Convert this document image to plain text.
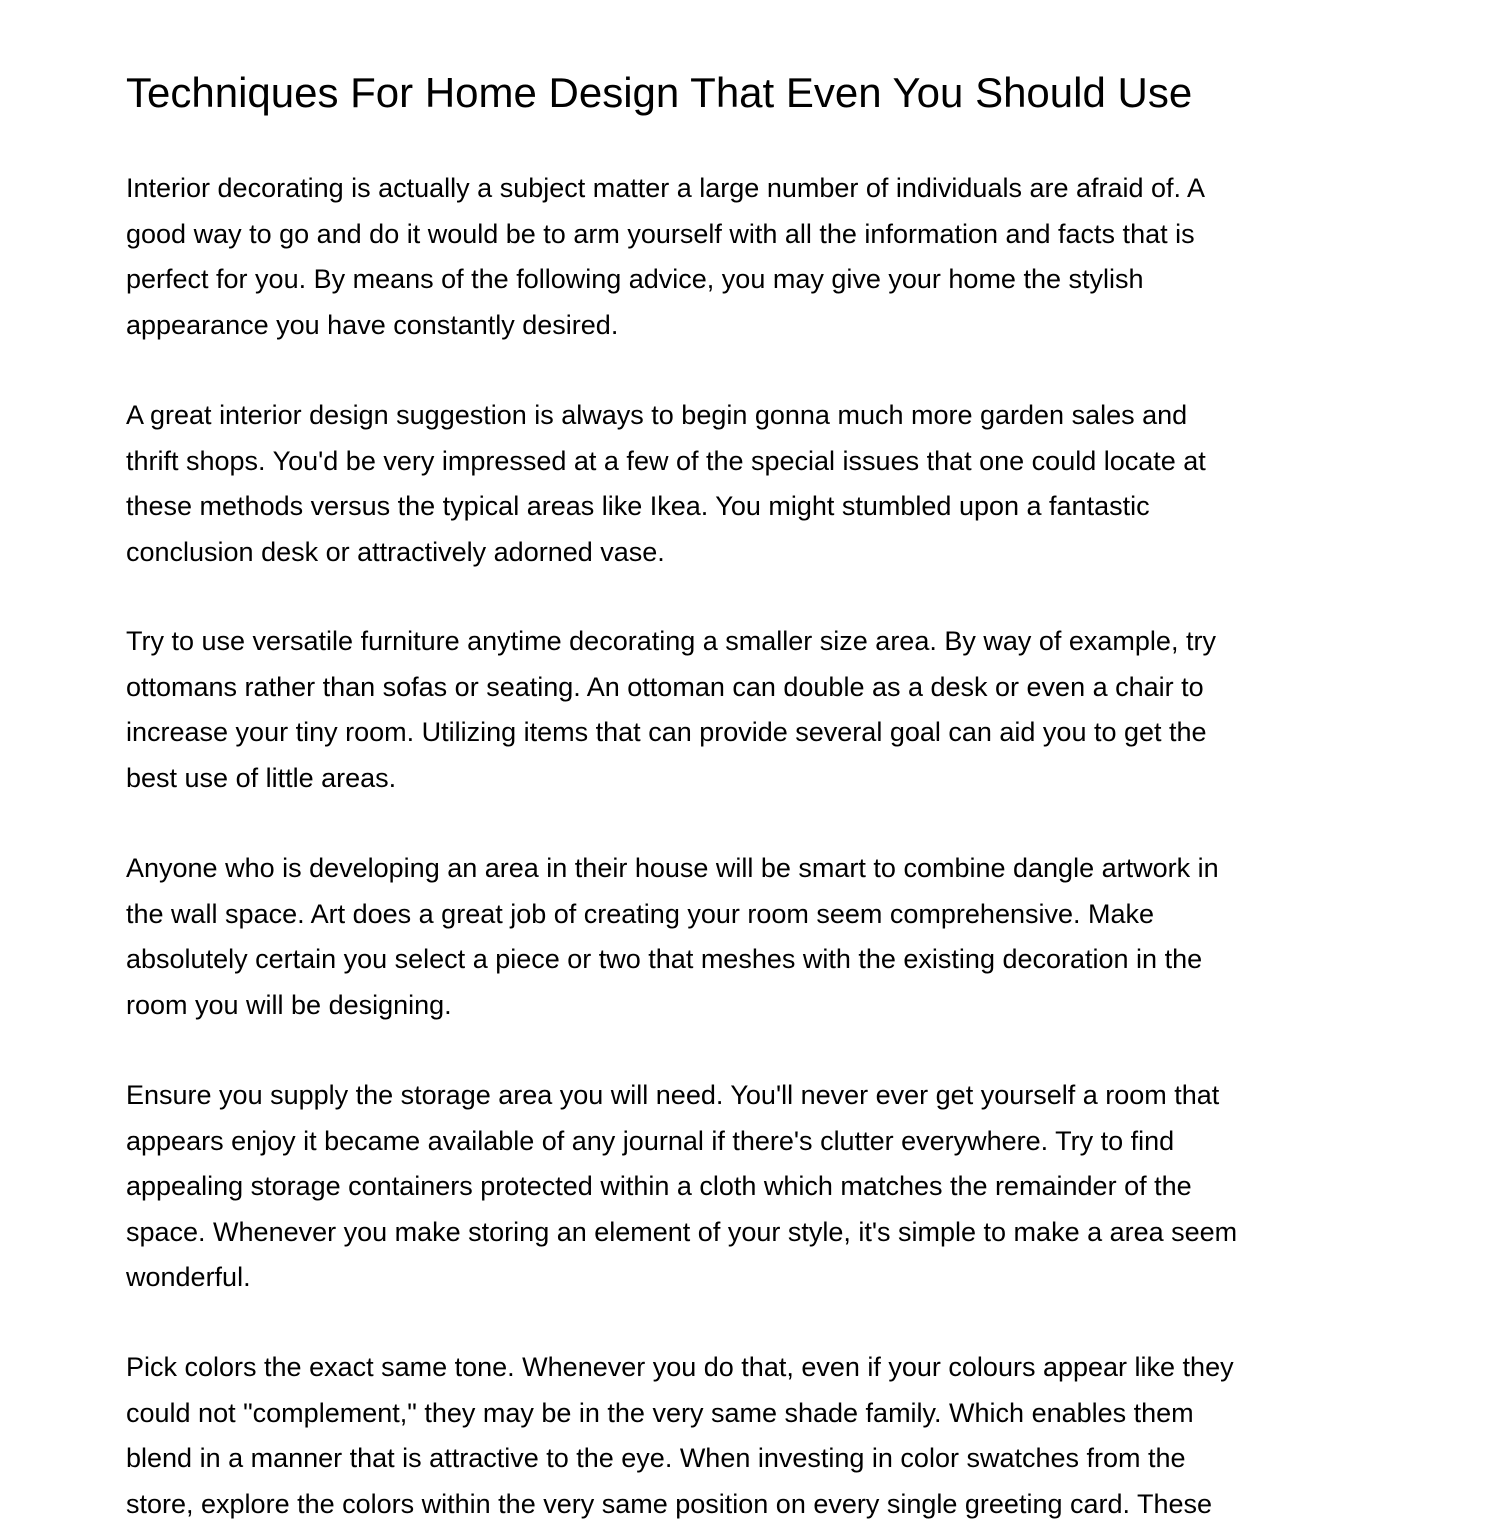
Techniques For Home Design That Even You Should Use

Interior decorating is actually a subject matter a large number of individuals are afraid of. A
good way to go and do it would be to arm yourself with all the information and facts that is
perfect for you. By means of the following advice, you may give your home the stylish
appearance you have constantly desired.

A great interior design suggestion is always to begin gonna much more garden sales and
thrift shops. You'd be very impressed at a few of the special issues that one could locate at
these methods versus the typical areas like Ikea. You might stumbled upon a fantastic
conclusion desk or attractively adorned vase.

Try to use versatile furniture anytime decorating a smaller size area. By way of example, try
ottomans rather than sofas or seating. An ottoman can double as a desk or even a chair to
increase your tiny room. Utilizing items that can provide several goal can aid you to get the
best use of little areas.

Anyone who is developing an area in their house will be smart to combine dangle artwork in
the wall space. Art does a great job of creating your room seem comprehensive. Make
absolutely certain you select a piece or two that meshes with the existing decoration in the
room you will be designing.

Ensure you supply the storage area you will need. You'll never ever get yourself a room that
appears enjoy it became available of any journal if there's clutter everywhere. Try to find
appealing storage containers protected within a cloth which matches the remainder of the
space. Whenever you make storing an element of your style, it's simple to make a area seem
wonderful.

Pick colors the exact same tone. Whenever you do that, even if your colours appear like they
could not "complement," they may be in the very same shade family. Which enables them
blend in a manner that is attractive to the eye. When investing in color swatches from the
store, explore the colors within the very same position on every single greeting card. These
